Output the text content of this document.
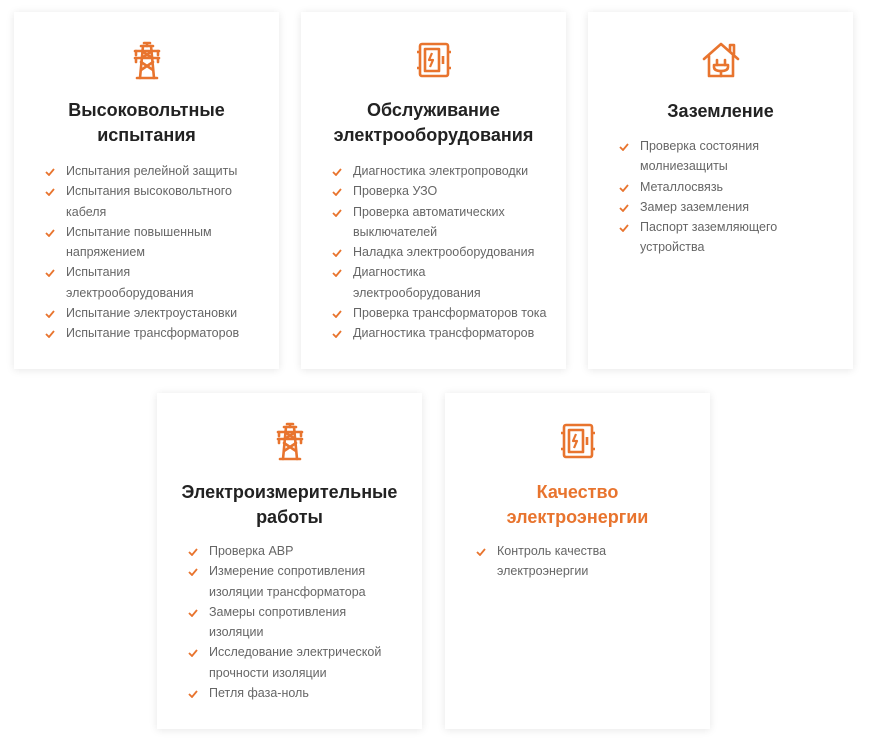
Высоковольтные
испытания
Испытания релейной защиты
Испытания высоковольтного
кабеля
Испытание повышенным
напряжением
Испытания
электрооборудования
Испытание электроустановки
Испытание трансформаторов
Обслуживание
электрооборудования
Диагностика электропроводки
Проверка УЗО
Проверка автоматических
выключателей
Наладка электрооборудования
Диагностика
электрооборудования
Проверка трансформаторов тока
Диагностика трансформаторов
Заземление
Проверка состояния
молниезащиты
Металлосвязь
Замер заземления
Паспорт заземляющего
устройства
Электроизмерительные
работы
Проверка АВР
Измерение сопротивления
изоляции трансформатора
Замеры сопротивления
изоляции
Исследование электрической
прочности изоляции
Петля фаза-ноль
Качество
электроэнергии
Контроль качества
электроэнергии
